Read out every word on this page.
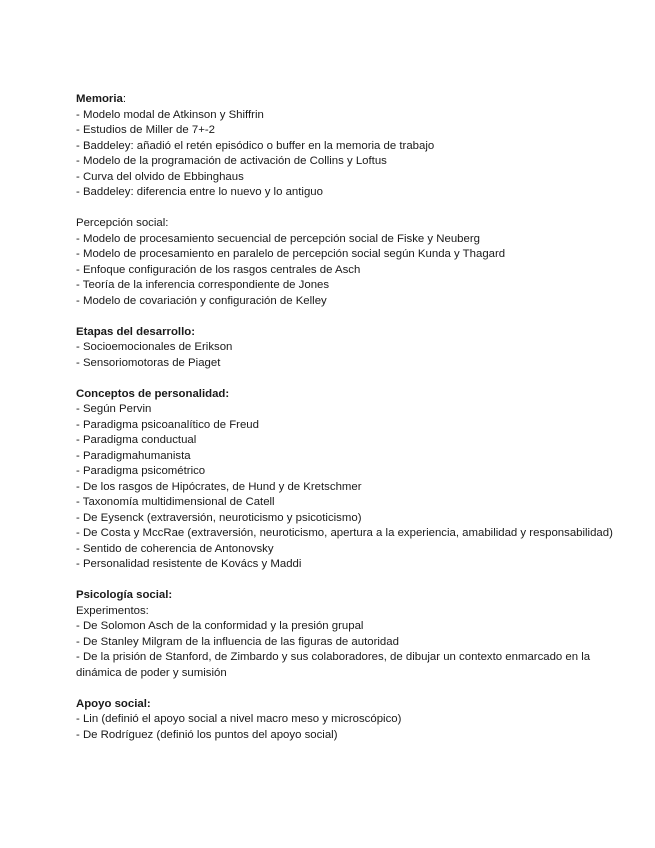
Memoria:
- Modelo modal de Atkinson y Shiffrin
- Estudios de Miller de 7+-2
- Baddeley: añadió el retén episódico o buffer en la memoria de trabajo
- Modelo de la programación de activación de Collins y Loftus
- Curva del olvido de Ebbinghaus
- Baddeley: diferencia entre lo nuevo y lo antiguo
Percepción social:
- Modelo de procesamiento secuencial de percepción social de Fiske y Neuberg
- Modelo de procesamiento en paralelo de percepción social según Kunda y Thagard
- Enfoque configuración de los rasgos centrales de Asch
- Teoría de la inferencia correspondiente de Jones
- Modelo de covariación y configuración de Kelley
Etapas del desarrollo:
- Socioemocionales de Erikson
- Sensoriomotoras de Piaget
Conceptos de personalidad:
- Según Pervin
- Paradigma psicoanalítico de Freud
- Paradigma conductual
- Paradigmahumanista
- Paradigma psicométrico
- De los rasgos de Hipócrates, de Hund y de Kretschmer
- Taxonomía multidimensional de Catell
- De Eysenck (extraversión, neuroticismo y psicoticismo)
- De Costa y MccRae (extraversión, neuroticismo, apertura a la experiencia, amabilidad y responsabilidad)
- Sentido de coherencia de Antonovsky
- Personalidad resistente de Kovács y Maddi
Psicología social:
Experimentos:
- De Solomon Asch de la conformidad y la presión grupal
- De Stanley Milgram de la influencia de las figuras de autoridad
- De la prisión de Stanford, de Zimbardo y sus colaboradores, de dibujar un contexto enmarcado en la dinámica de poder y sumisión
Apoyo social:
- Lin (definió el apoyo social a nivel macro meso y microscópico)
- De Rodríguez (definió los puntos del apoyo social)
